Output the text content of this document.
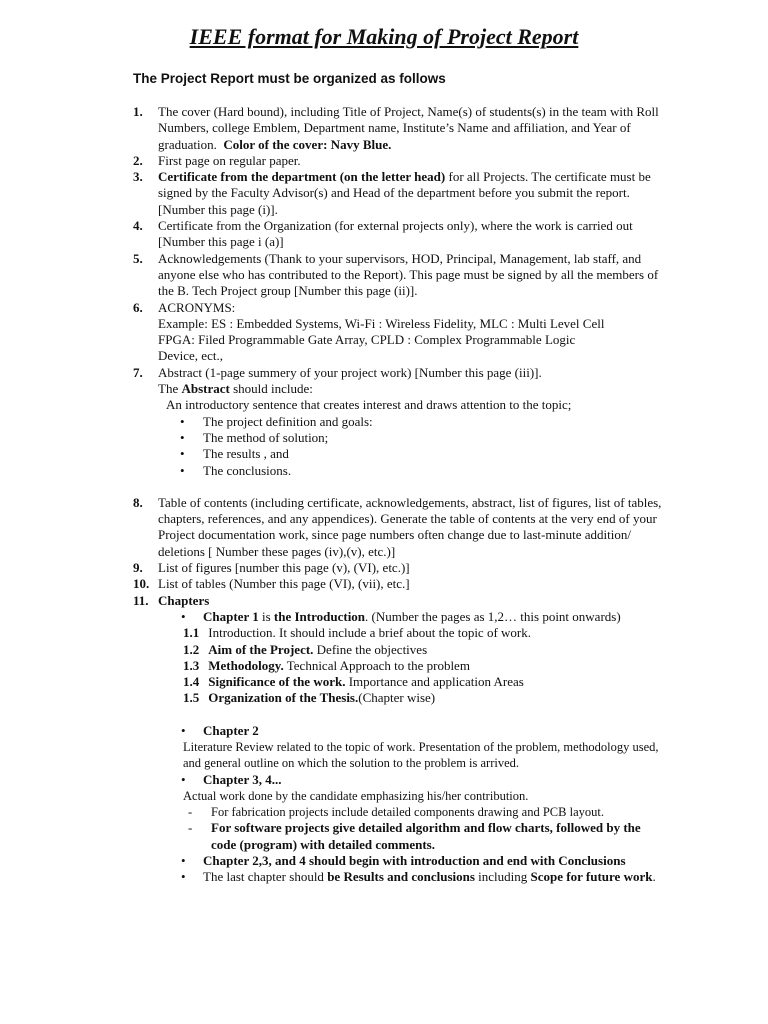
IEEE format for Making of Project Report
The Project Report must be organized as follows
1. The cover (Hard bound), including Title of Project, Name(s) of students(s) in the team with Roll Numbers, college Emblem, Department name, Institute’s Name and affiliation, and Year of graduation. Color of the cover: Navy Blue.
2. First page on regular paper.
3. Certificate from the department (on the letter head) for all Projects. The certificate must be signed by the Faculty Advisor(s) and Head of the department before you submit the report. [Number this page (i)].
4. Certificate from the Organization (for external projects only), where the work is carried out [Number this page i (a)]
5. Acknowledgements (Thank to your supervisors, HOD, Principal, Management, lab staff, and anyone else who has contributed to the Report). This page must be signed by all the members of the B. Tech Project group [Number this page (ii)].
6. ACRONYMS:
Example: ES : Embedded Systems, Wi-Fi : Wireless Fidelity, MLC : Multi Level Cell
FPGA: Filed Programmable Gate Array, CPLD : Complex Programmable Logic
Device, ect.,
7. Abstract (1-page summery of your project work) [Number this page (iii)].
The Abstract should include:
An introductory sentence that creates interest and draws attention to the topic;
• The project definition and goals:
• The method of solution;
• The results , and
• The conclusions.
8. Table of contents (including certificate, acknowledgements, abstract, list of figures, list of tables, chapters, references, and any appendices). Generate the table of contents at the very end of your Project documentation work, since page numbers often change due to last-minute addition/ deletions [ Number these pages (iv),(v), etc.)]
9. List of figures [number this page (v), (VI), etc.)]
10. List of tables (Number this page (VI), (vii), etc.]
11. Chapters
• Chapter 1 is the Introduction. (Number the pages as 1,2… this point onwards)
1.1 Introduction. It should include a brief about the topic of work.
1.2 Aim of the Project. Define the objectives
1.3 Methodology. Technical Approach to the problem
1.4 Significance of the work. Importance and application Areas
1.5 Organization of the Thesis.(Chapter wise)
• Chapter 2
Literature Review related to the topic of work. Presentation of the problem, methodology used, and general outline on which the solution to the problem is arrived.
• Chapter 3, 4...
Actual work done by the candidate emphasizing his/her contribution.
- For fabrication projects include detailed components drawing and PCB layout.
- For software projects give detailed algorithm and flow charts, followed by the code (program) with detailed comments.
• Chapter 2,3, and 4 should begin with introduction and end with Conclusions
• The last chapter should be Results and conclusions including Scope for future work.
